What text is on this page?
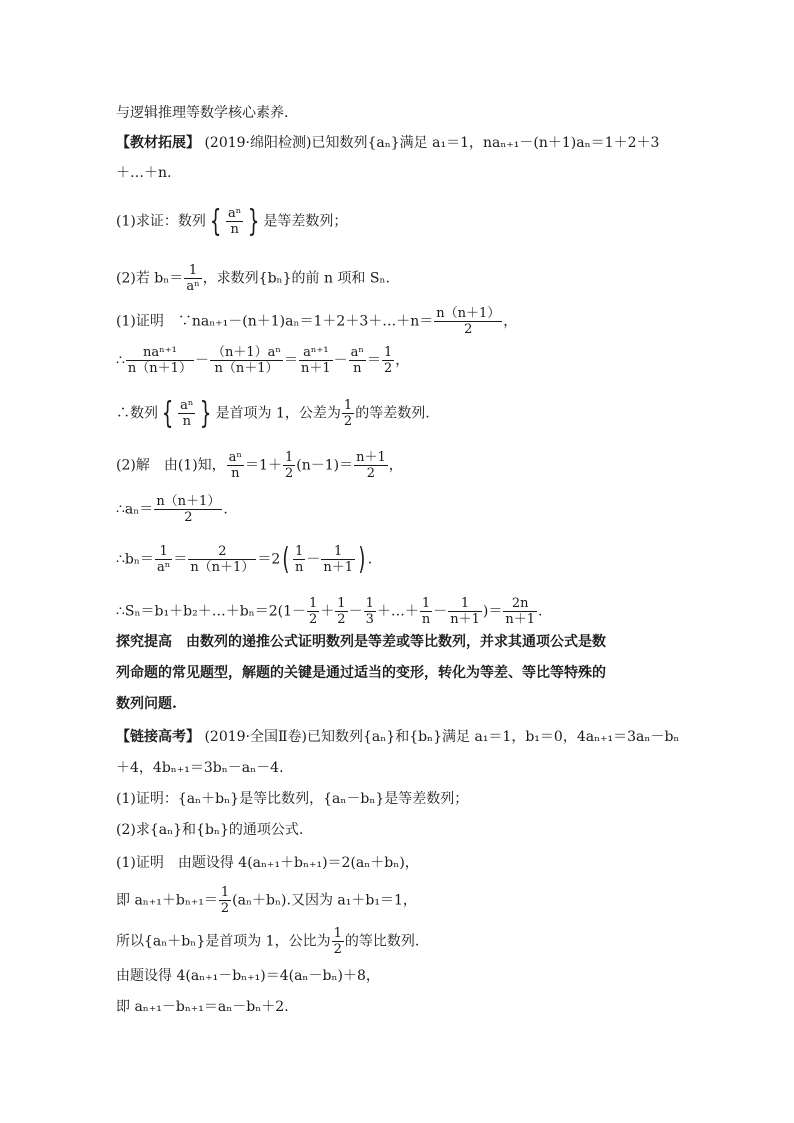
与逻辑推理等数学核心素养.
【教材拓展】 (2019·绵阳检测)已知数列{aₙ}满足 a₁＝1，naₙ₊₁－(n＋1)aₙ＝1＋2＋3
＋…＋n.
(1)求证：数列 { $\frac{\text{aⁿ}}{n}$ } 是等差数列；
(2)若 $b_n= \frac{1}{\text{aⁿ}}$ ，求数列{bₙ}的前 n 项和 Sₙ.
(1)证明　∵naₙ₊₁－(n＋1)aₙ＝1＋2＋3＋…＋n＝ $\frac{n(n+1)}{2}$ ，
∴ $\frac{\text{naⁿ⁺¹}}{n(n+1)} - \frac{\text{（n＋1）aⁿ}}{n(n+1)} = \frac{\text{aⁿ⁺¹}}{n+1} - \frac{\text{aⁿ}}{n} = \frac{1}{2}$ ，
∴数列 { $\frac{\text{aⁿ}}{n}$ } 是首项为 1，公差为 $\frac{1}{2}$ 的等差数列.
(2)解　由(1)知， $\frac{\text{aⁿ}}{n} =1+ \frac{1}{2} (n-1)= \frac{n+1}{2}$ ，
∴aₙ＝ $\frac{n(n+1)}{2}$ .
∴bₙ＝ $\frac{1}{\text{aⁿ}} = \frac{2}{n(n+1)} =2( \frac{1}{n} - \frac{1}{n+1}$ ) .
∴Sₙ＝b₁＋b₂＋…＋bₙ＝2(1－ $\frac{1}{2} + \frac{1}{2} - \frac{1}{3}$ ＋…＋ $\frac{1}{n} - \frac{1}{n+1}$ )＝ $\frac{2n}{n+1}$ .
探究提高　由数列的递推公式证明数列是等差或等比数列，并求其通项公式是数
列命题的常见题型，解题的关键是通过适当的变形，转化为等差、等比等特殊的
数列问题.
【链接高考】 (2019·全国Ⅱ卷)已知数列{aₙ}和{bₙ}满足 a₁＝1，b₁＝0，4aₙ₊₁＝3aₙ－bₙ
＋4，4bₙ₊₁＝3bₙ－aₙ－4.
(1)证明：{aₙ＋bₙ}是等比数列，{aₙ－bₙ}是等差数列；
(2)求{aₙ}和{bₙ}的通项公式.
(1)证明　由题设得 4(aₙ₊₁＋bₙ₊₁)＝2(aₙ＋bₙ)，
即 $a_{n+1}+b_{n+1}= \frac{1}{2} (a_n+b_n)$.又因为 a₁＋b₁＝1，
所以{aₙ＋bₙ}是首项为 1，公比为 $\frac{1}{2}$ 的等比数列.
由题设得 4(aₙ₊₁－bₙ₊₁)＝4(aₙ－bₙ)＋8，
即 aₙ₊₁－bₙ₊₁＝aₙ－bₙ＋2.
